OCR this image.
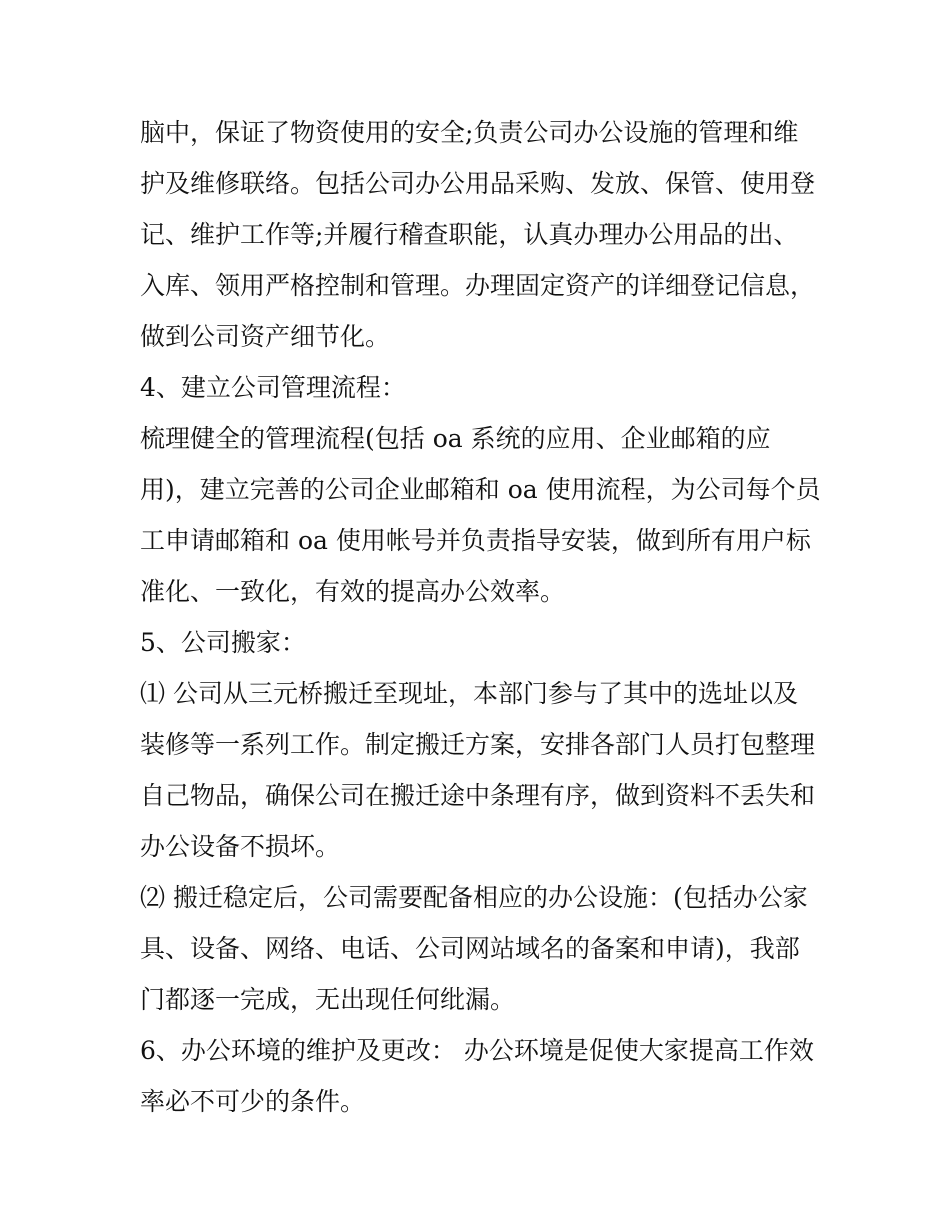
脑中，保证了物资使用的安全;负责公司办公设施的管理和维
护及维修联络。包括公司办公用品采购、发放、保管、使用登
记、维护工作等;并履行稽查职能，认真办理办公用品的出、
入库、领用严格控制和管理。办理固定资产的详细登记信息，
做到公司资产细节化。
4、建立公司管理流程：
梳理健全的管理流程(包括 oa 系统的应用、企业邮箱的应
用)，建立完善的公司企业邮箱和 oa 使用流程，为公司每个员
工申请邮箱和 oa 使用帐号并负责指导安装，做到所有用户标
准化、一致化，有效的提高办公效率。
5、公司搬家：
⑴ 公司从三元桥搬迁至现址，本部门参与了其中的选址以及
装修等一系列工作。制定搬迁方案，安排各部门人员打包整理
自己物品，确保公司在搬迁途中条理有序，做到资料不丢失和
办公设备不损坏。
⑵ 搬迁稳定后，公司需要配备相应的办公设施：(包括办公家
具、设备、网络、电话、公司网站域名的备案和申请)，我部
门都逐一完成，无出现任何纰漏。
6、办公环境的维护及更改： 办公环境是促使大家提高工作效
率必不可少的条件。
